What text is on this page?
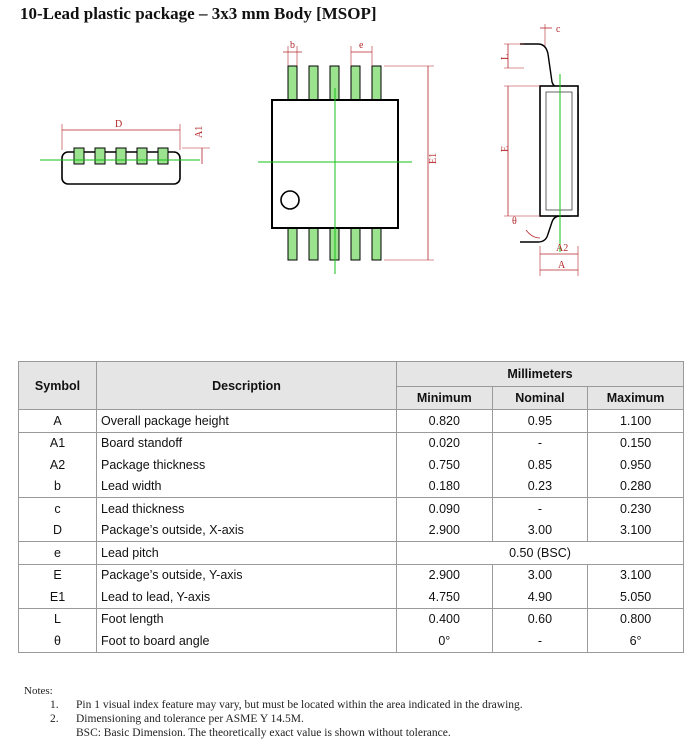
10-Lead plastic package – 3x3 mm Body [MSOP]
D
A1
b	e
E1
c
L
E
θ
A2
A
Symbol	Description	Millimeters		
		Minimum	Nominal	Maximum
A	Overall package height	0.820	0.95	1.100
A1	Board standoff	0.020	-	0.150
A2	Package thickness	0.750	0.85	0.950
b	Lead width	0.180	0.23	0.280
c	Lead thickness	0.090	-	0.230
D	Package’s outside, X-axis	2.900	3.00	3.100
e	Lead pitch	0.50 (BSC)		
E	Package’s outside, Y-axis	2.900	3.00	3.100
E1	Lead to lead, Y-axis	4.750	4.90	5.050
L	Foot length	0.400	0.60	0.800
θ	Foot to board angle	0°	-	6°
Notes:
1. Pin 1 visual index feature may vary, but must be located within the area indicated in the drawing.
2. Dimensioning and tolerance per ASME Y 14.5M.
BSC: Basic Dimension. The theoretically exact value is shown without tolerance.
